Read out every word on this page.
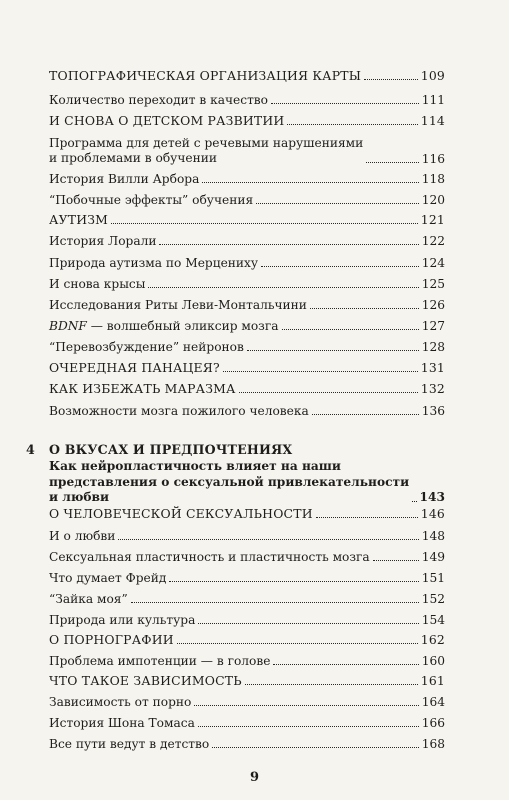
ТОПОГРАФИЧЕСКАЯ ОРГАНИЗАЦИЯ КАРТЫ	109
Количество переходит в качество	111
И СНОВА О ДЕТСКОМ РАЗВИТИИ	114
Программа для детей с речевыми нарушениями
и проблемами в обучении	116
История Вилли Арбора	118
“Побочные эффекты” обучения	120
АУТИЗМ	121
История Лорали	122
Природа аутизма по Мерцениху	124
И снова крысы	125
Исследования Риты Леви-Монтальчини	126
BDNF — волшебный эликсир мозга	127
“Перевозбуждение” нейронов	128
ОЧЕРЕДНАЯ ПАНАЦЕЯ?	131
КАК ИЗБЕЖАТЬ МАРАЗМА	132
Возможности мозга пожилого человека	136
4 О ВКУСАХ И ПРЕДПОЧТЕНИЯХ
Как нейропластичность влияет на наши
представления о сексуальной привлекательности
и любви	143
О ЧЕЛОВЕЧЕСКОЙ СЕКСУАЛЬНОСТИ	146
И о любви	148
Сексуальная пластичность и пластичность мозга	149
Что думает Фрейд	151
“Зайка моя”	152
Природа или культура	154
О ПОРНОГРАФИИ	162
Проблема импотенции — в голове	160
ЧТО ТАКОЕ ЗАВИСИМОСТЬ	161
Зависимость от порно	164
История Шона Томаса	166
Все пути ведут в детство	168
9
